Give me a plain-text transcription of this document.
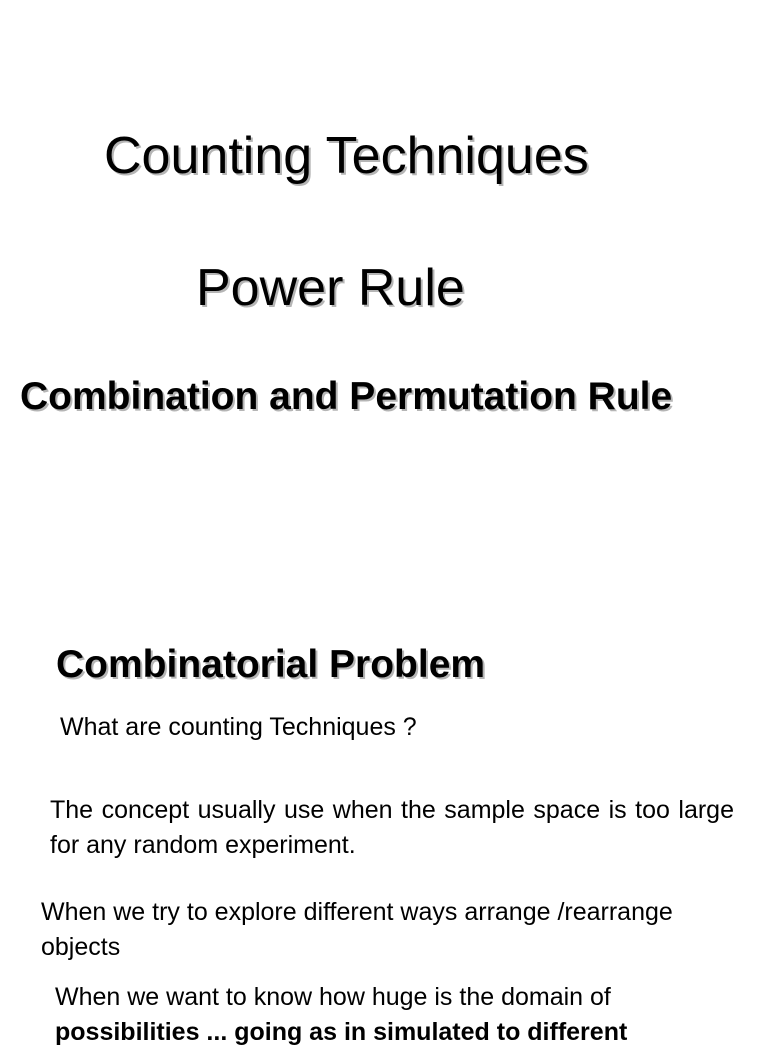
Counting Techniques
Power Rule
Combination and Permutation Rule
Combinatorial Problem
What are counting Techniques ?
The concept usually use when the sample space is too large for any random experiment.
When we try to explore different ways arrange /rearrange objects
When we want to know how huge is the domain of
possibilities ... going as in simulated to different
